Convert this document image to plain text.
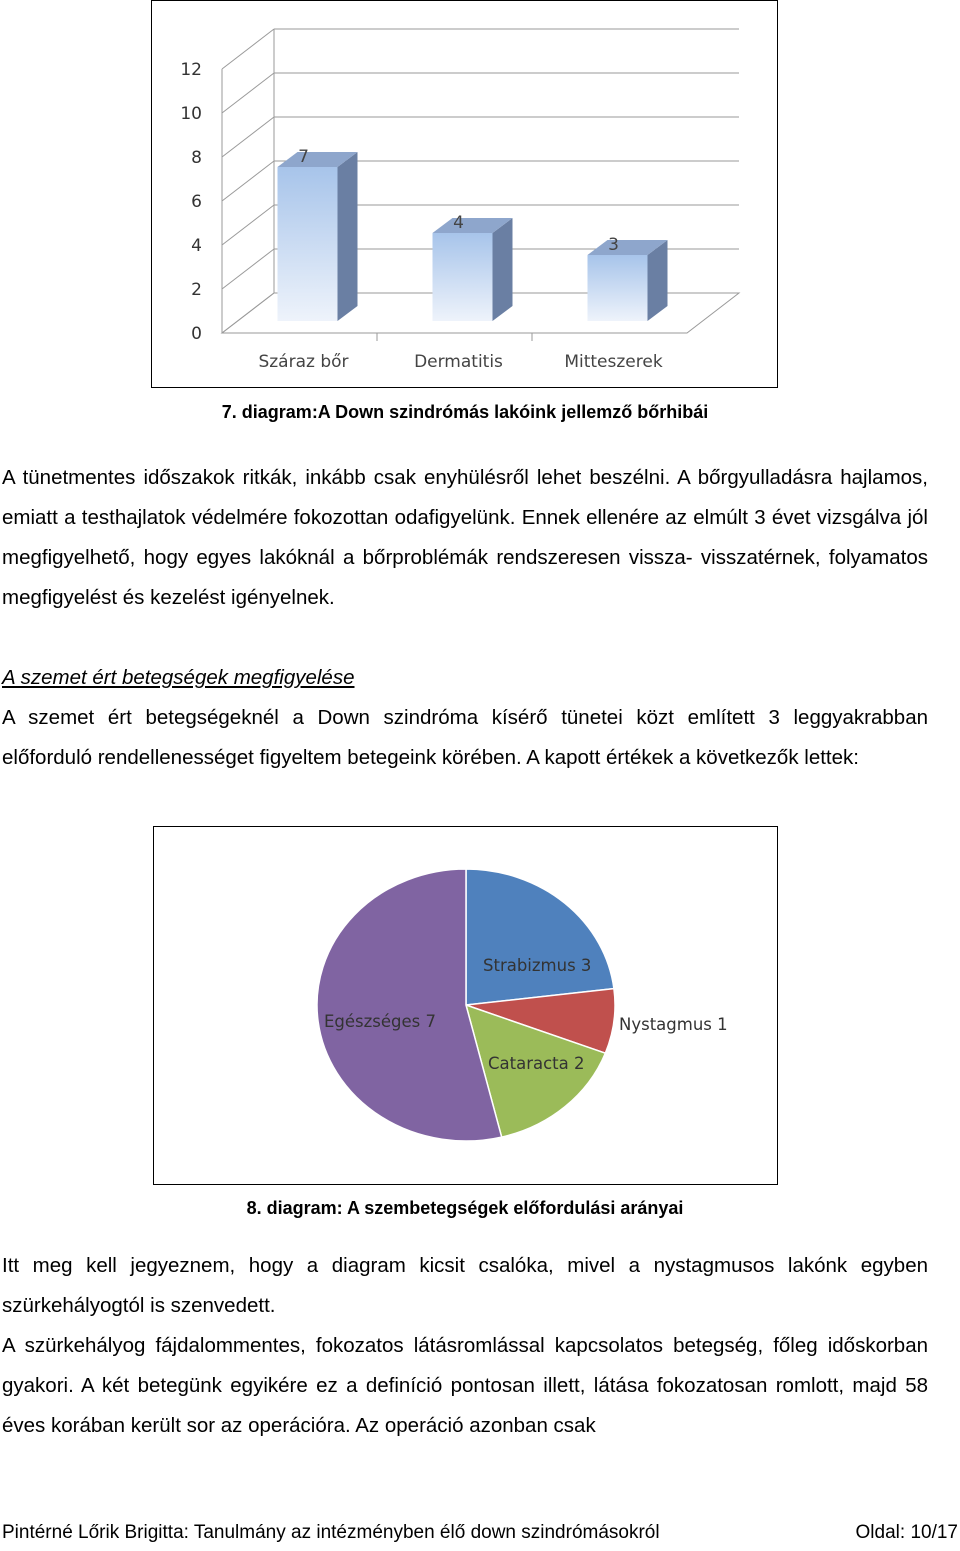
0
2
4
6
8
10
12
7
Száraz bőr
4
Dermatitis
3
Mitteszerek
7. diagram:A Down szindrómás lakóink jellemző bőrhibái

A tünetmentes időszakok ritkák, inkább csak enyhülésről lehet beszélni. A bőrgyulladásra hajlamos, emiatt a testhajlatok védelmére fokozottan odafigyelünk. Ennek ellenére az elmúlt 3 évet vizsgálva jól megfigyelhető, hogy egyes lakóknál a bőrproblémák rendszeresen vissza- visszatérnek, folyamatos megfigyelést és kezelést igényelnek.

A szemet ért betegségek megfigyelése

A szemet ért betegségeknél a Down szindróma kísérő tünetei közt említett 3 leggyakrabban előforduló rendellenességet figyeltem betegeink körében. A kapott értékek a következők lettek:

Strabizmus 3
Nystagmus 1
Cataracta 2
Egészséges 7
8. diagram: A szembetegségek előfordulási arányai

Itt meg kell jegyeznem, hogy a diagram kicsit csalóka, mivel a nystagmusos lakónk egyben szürkehályogtól is szenvedett.

A szürkehályog fájdalommentes, fokozatos látásromlással kapcsolatos betegség, főleg időskorban gyakori. A két betegünk egyikére ez a definíció pontosan illett, látása fokozatosan romlott, majd 58 éves korában került sor az operációra. Az operáció azonban csak

Pintérné Lőrik Brigitta: Tanulmány az intézményben élő down szindrómásokról	Oldal: 10/17
